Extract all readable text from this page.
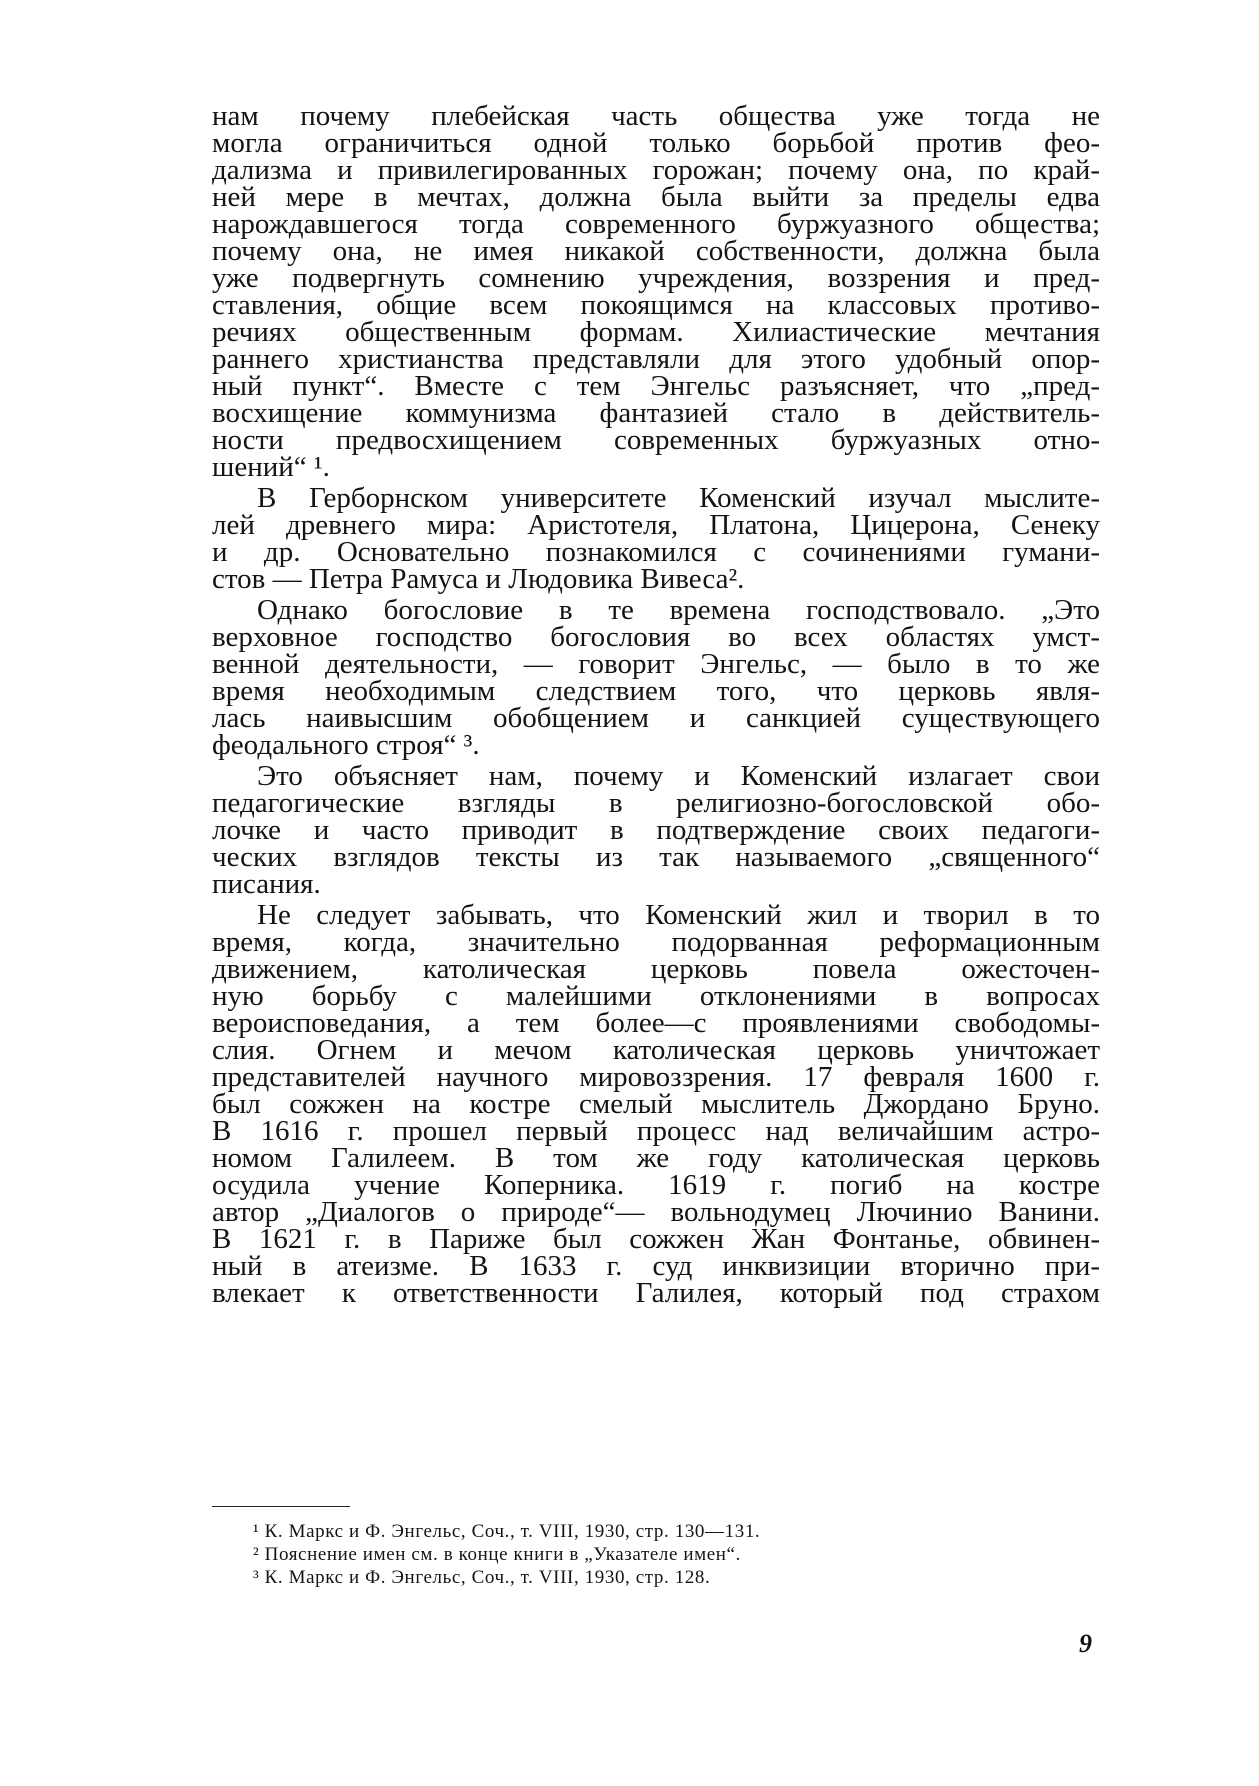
нам почему плебейская часть общества уже тогда не
могла ограничиться одной только борьбой против фео-
дализма и привилегированных горожан; почему она, по край-
ней мере в мечтах, должна была выйти за пределы едва
нарождавшегося тогда современного буржуазного общества;
почему она, не имея никакой собственности, должна была
уже подвергнуть сомнению учреждения, воззрения и пред-
ставления, общие всем покоящимся на классовых противо-
речиях общественным формам. Хилиастические мечтания
раннего христианства представляли для этого удобный опор-
ный пункт“. Вместе с тем Энгельс разъясняет, что „пред-
восхищение коммунизма фантазией стало в действитель-
ности предвосхищением современных буржуазных отно-
шений“ ¹.
В Герборнском университете Коменский изучал мыслите-
лей древнего мира: Аристотеля, Платона, Цицерона, Сенеку
и др. Основательно познакомился с сочинениями гумани-
стов — Петра Рамуса и Людовика Вивеса².
Однако богословие в те времена господствовало. „Это
верховное господство богословия во всех областях умст-
венной деятельности, — говорит Энгельс, — было в то же
время необходимым следствием того, что церковь явля-
лась наивысшим обобщением и санкцией существующего
феодального строя“ ³.
Это объясняет нам, почему и Коменский излагает свои
педагогические взгляды в религиозно-богословской обо-
лочке и часто приводит в подтверждение своих педагоги-
ческих взглядов тексты из так называемого „священного“
писания.
Не следует забывать, что Коменский жил и творил в то
время, когда, значительно подорванная реформационным
движением, католическая церковь повела ожесточен-
ную борьбу с малейшими отклонениями в вопросах
вероисповедания, а тем более—с проявлениями свободомы-
слия. Огнем и мечом католическая церковь уничтожает
представителей научного мировоззрения. 17 февраля 1600 г.
был сожжен на костре смелый мыслитель Джордано Бруно.
В 1616 г. прошел первый процесс над величайшим астро-
номом Галилеем. В том же году католическая церковь
осудила учение Коперника. 1619 г. погиб на костре
автор „Диалогов о природе“— вольнодумец Лючинио Ванини.
В 1621 г. в Париже был сожжен Жан Фонтанье, обвинен-
ный в атеизме. В 1633 г. суд инквизиции вторично при-
влекает к ответственности Галилея, который под страхом
¹ К. Маркс и Ф. Энгельс, Соч., т. VIII, 1930, стр. 130—131.
² Пояснение имен см. в конце книги в „Указателе имен“.
³ К. Маркс и Ф. Энгельс, Соч., т. VIII, 1930, стр. 128.
9
